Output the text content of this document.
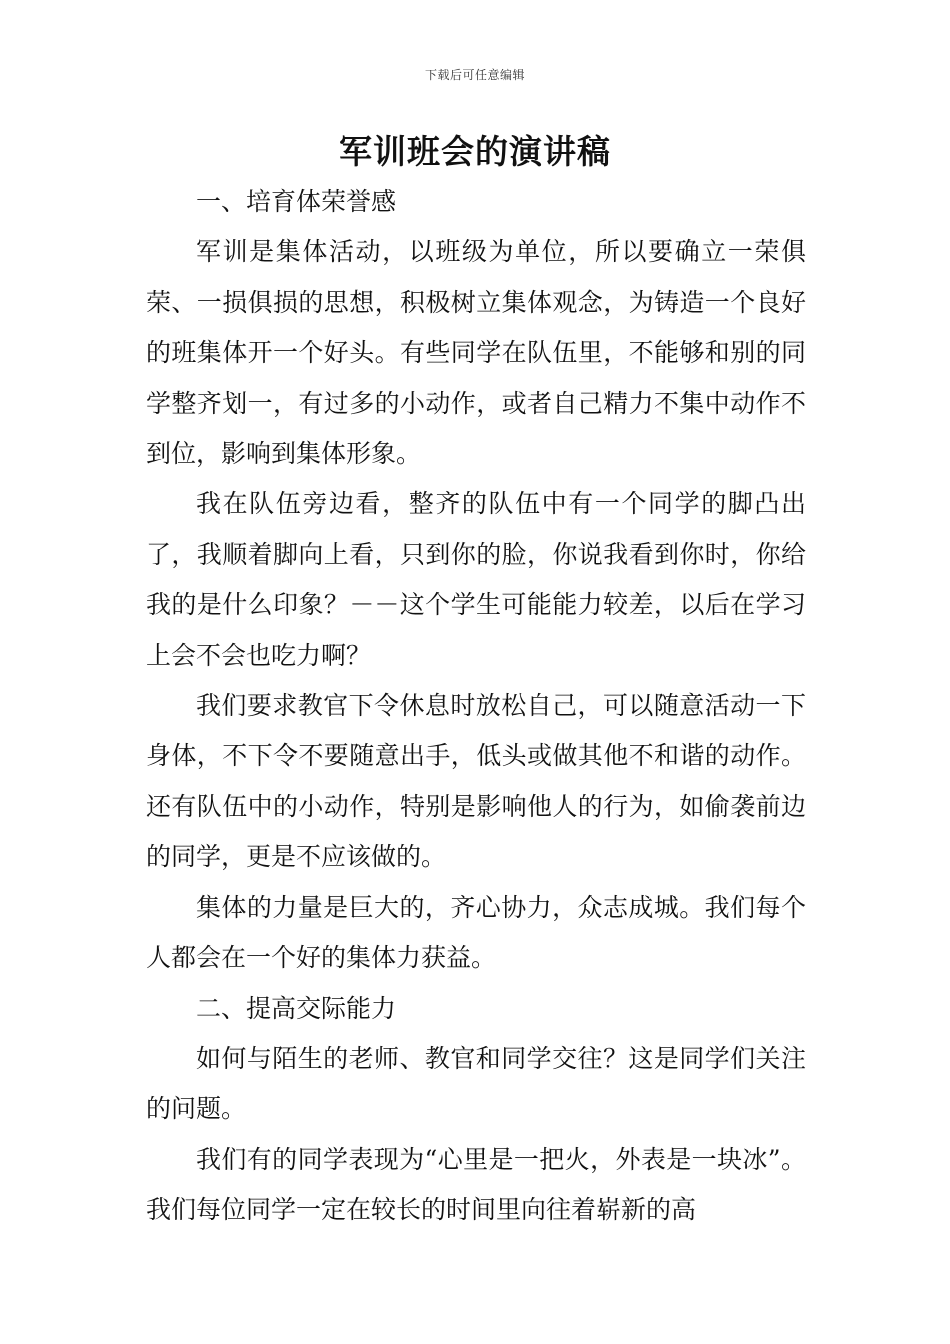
下载后可任意编辑
军训班会的演讲稿

一、培育体荣誉感

军训是集体活动，以班级为单位，所以要确立一荣俱荣、一损俱损的思想，积极树立集体观念，为铸造一个良好的班集体开一个好头。有些同学在队伍里，不能够和别的同学整齐划一，有过多的小动作，或者自己精力不集中动作不到位，影响到集体形象。

我在队伍旁边看，整齐的队伍中有一个同学的脚凸出了，我顺着脚向上看，只到你的脸，你说我看到你时，你给我的是什么印象？－－这个学生可能能力较差，以后在学习上会不会也吃力啊？

我们要求教官下令休息时放松自己，可以随意活动一下身体，不下令不要随意出手，低头或做其他不和谐的动作。还有队伍中的小动作，特别是影响他人的行为，如偷袭前边的同学，更是不应该做的。

集体的力量是巨大的，齐心协力，众志成城。我们每个人都会在一个好的集体力获益。

二、提高交际能力

如何与陌生的老师、教官和同学交往？这是同学们关注的问题。

我们有的同学表现为“心里是一把火，外表是一块冰”。我们每位同学一定在较长的时间里向往着崭新的高
